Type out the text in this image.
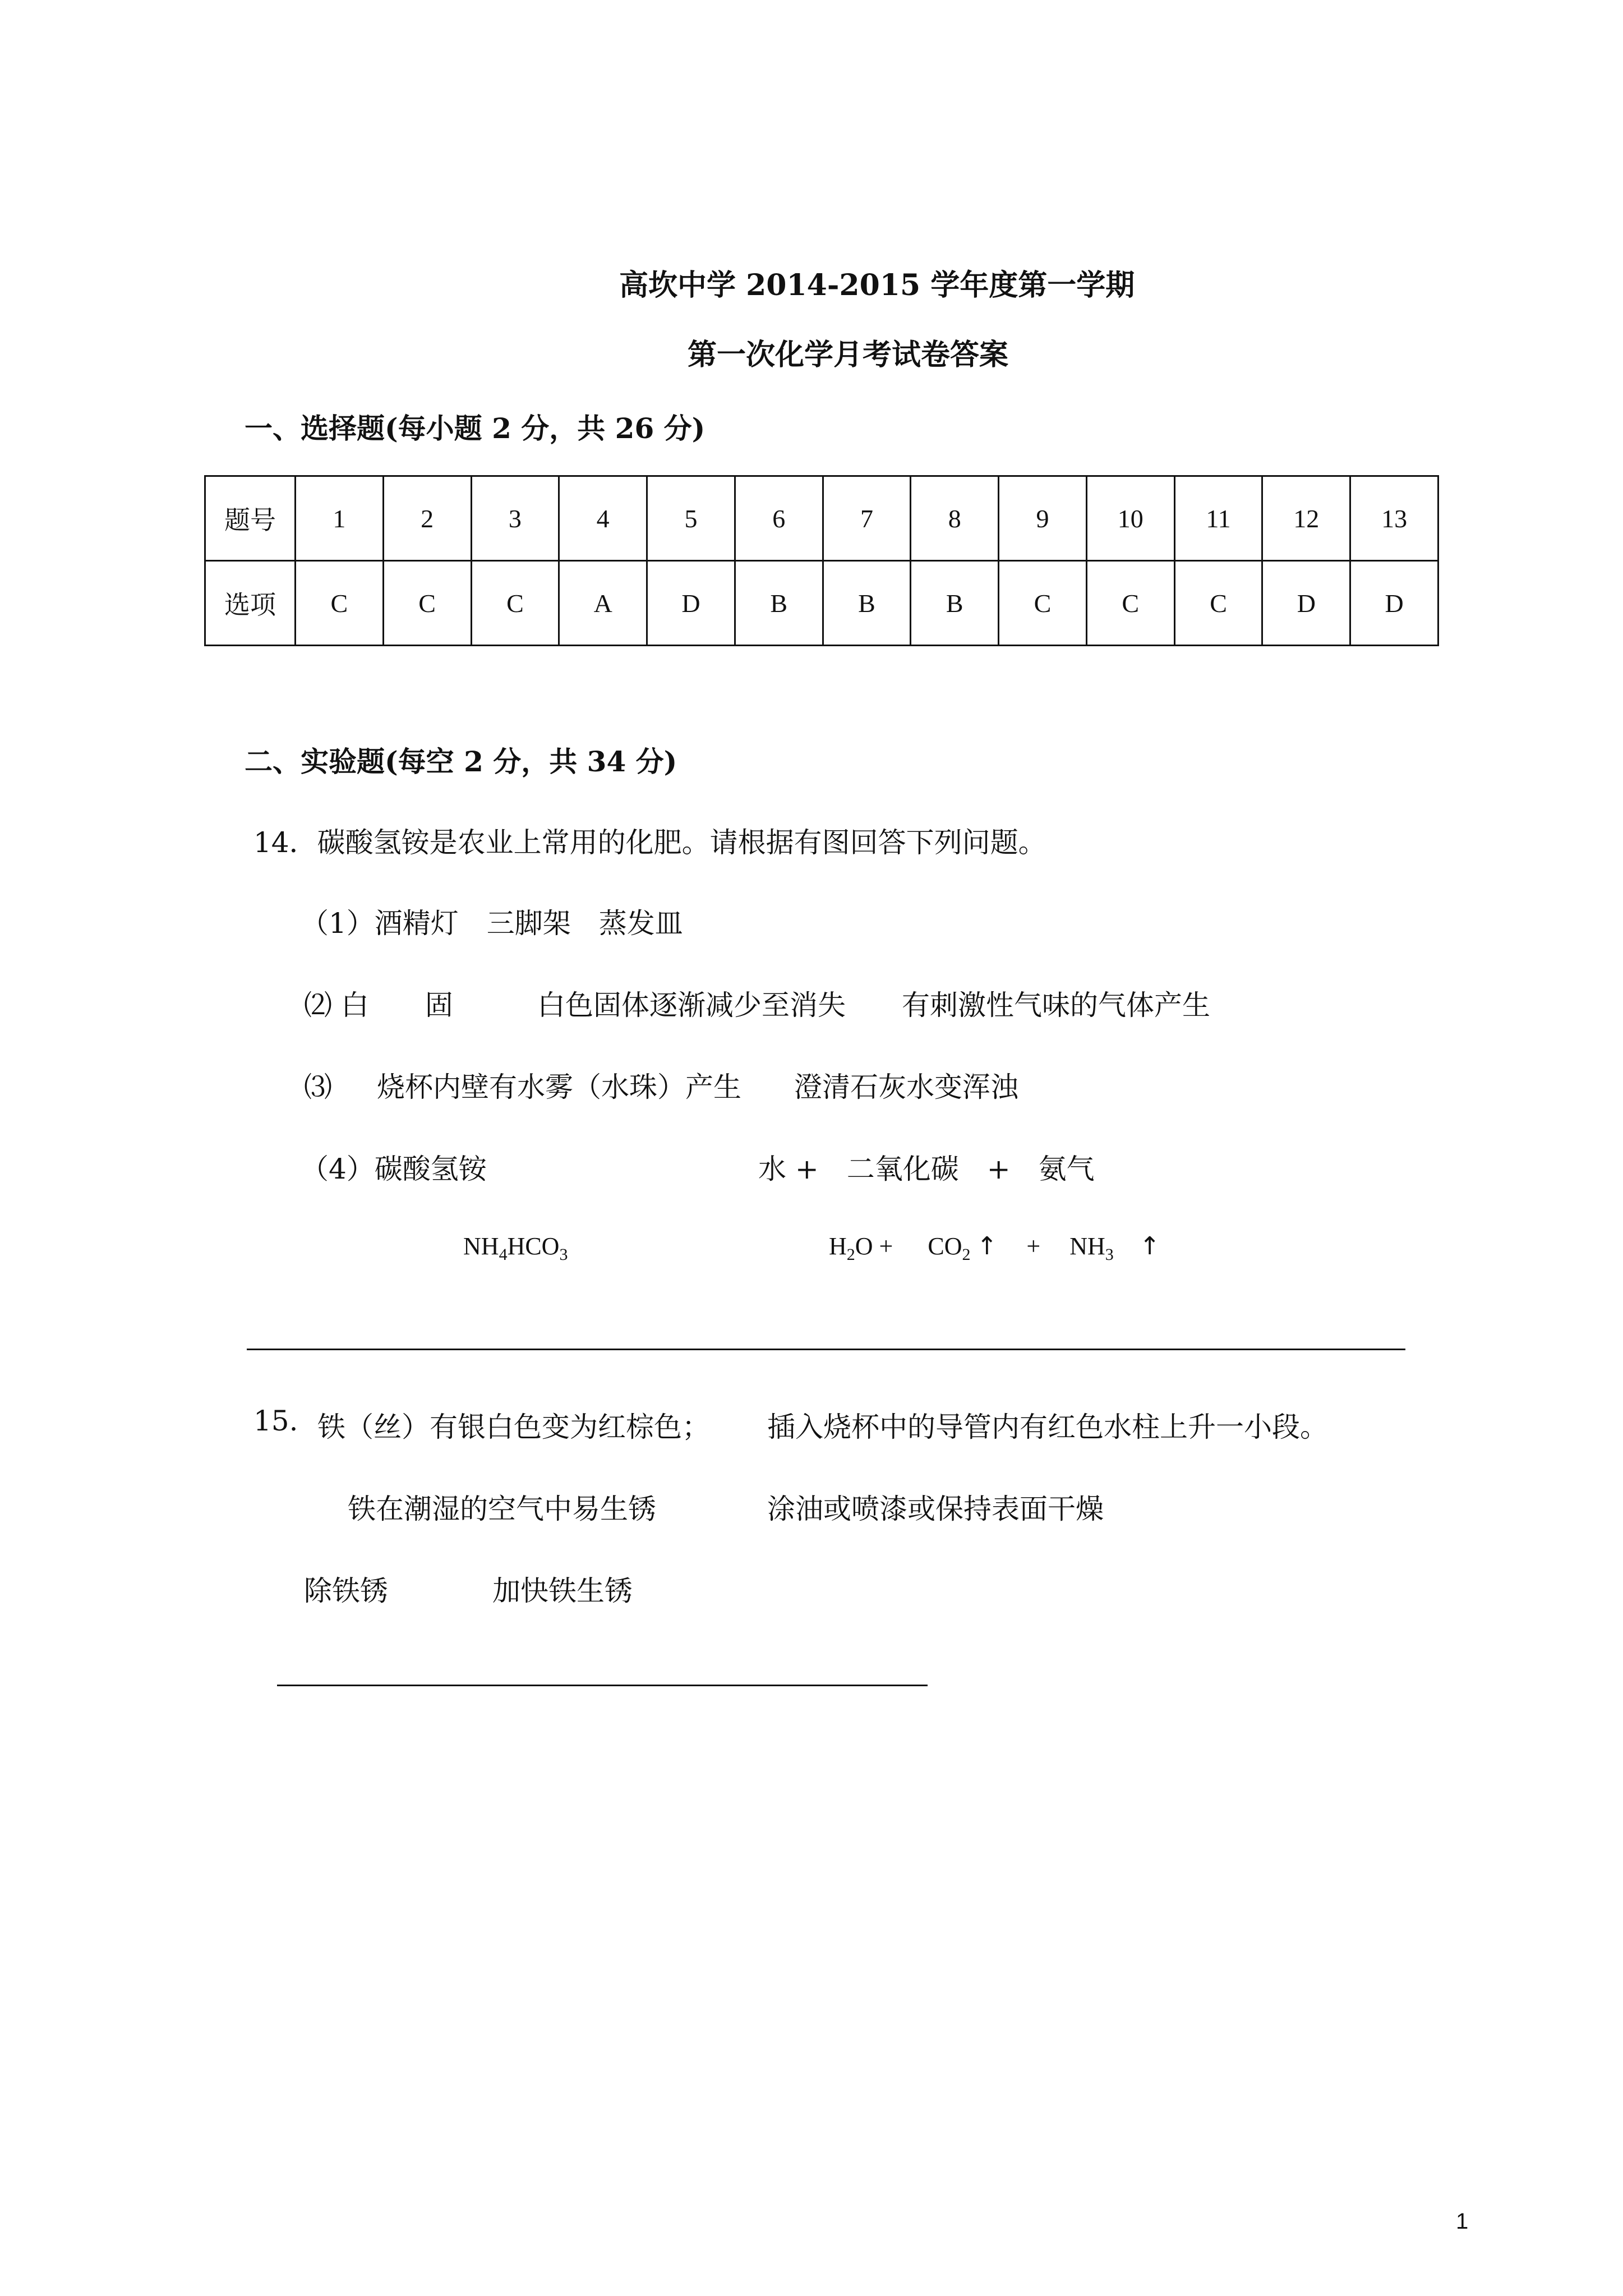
高坎中学 2014-2015 学年度第一学期
第一次化学月考试卷答案
一、选择题(每小题 2 分，共 26 分)
题号	1	2	3	4	5	6	7	8	9	10	11	12	13
选项	C	C	C	A	D	B	B	B	C	C	C	D	D
二、实验题(每空 2 分，共 34 分)
14．碳酸氢铵是农业上常用的化肥。请根据有图回答下列问题。
（1）酒精灯　三脚架　蒸发皿
⑵ 白　　固	白色固体逐渐减少至消失 有刺激性气味的气体产生
⑶ 烧杯内壁有水雾（水珠）产生 澄清石灰水变浑浊
（4）碳酸氢铵	水 +　二氧化碳　+　氨气
$NH_4HCO_3$	$H_2O + CO_2$ ↑ + $NH_3$ ↑
15. 铁（丝）有银白色变为红棕色； 插入烧杯中的导管内有红色水柱上升一小段。
铁在潮湿的空气中易生锈	涂油或喷漆或保持表面干燥
除铁锈	加快铁生锈
1
